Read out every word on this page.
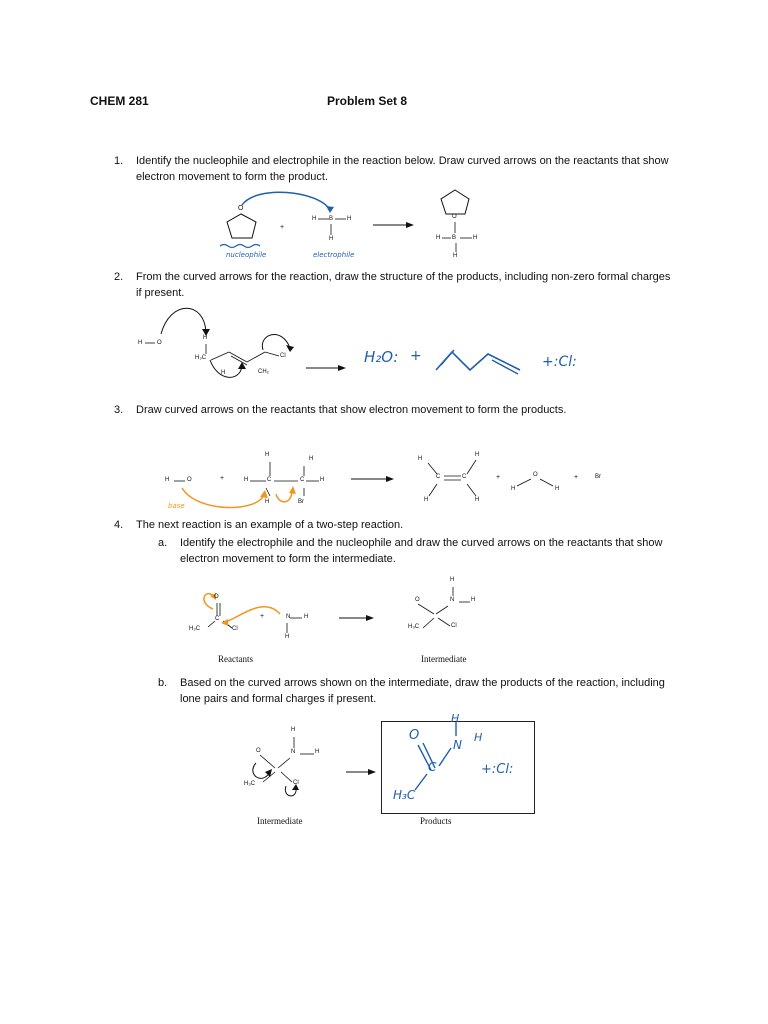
CHEM 281	Problem Set 8
1. Identify the nucleophile and electrophile in the reaction below. Draw curved arrows on the reactants that show electron movement to form the product.
O
+
H B H
H
nucleophile	electrophile
O
H B	H
H
2. From the curved arrows for the reaction, draw the structure of the products, including non-zero formal charges if present.
H O
H
H₃C
H	CH₂
Cl	H₂O: +	+:Cl:
3. Draw curved arrows on the reactants that show electron movement to form the products.
H	O	+	H	C	C	H
H
H
H	Br
base
H
H
C	C
H	H
+
H
O
H
+	Br
4. The next reaction is an example of a two-step reaction.
a. Identify the electrophile and the nucleophile and draw the curved arrows on the reactants that show electron movement to form the intermediate.
O
C
H₃C	Cl
+	N H
H
Reactants
H
N	H
O
H₃C	Cl
Intermediate
b. Based on the curved arrows shown on the intermediate, draw the products of the reaction, including lone pairs and formal charges if present.
H
N	H
O
H₃C	Cl
Intermediate
O
C
N
H
H
H₃C
+:Cl:
Products
